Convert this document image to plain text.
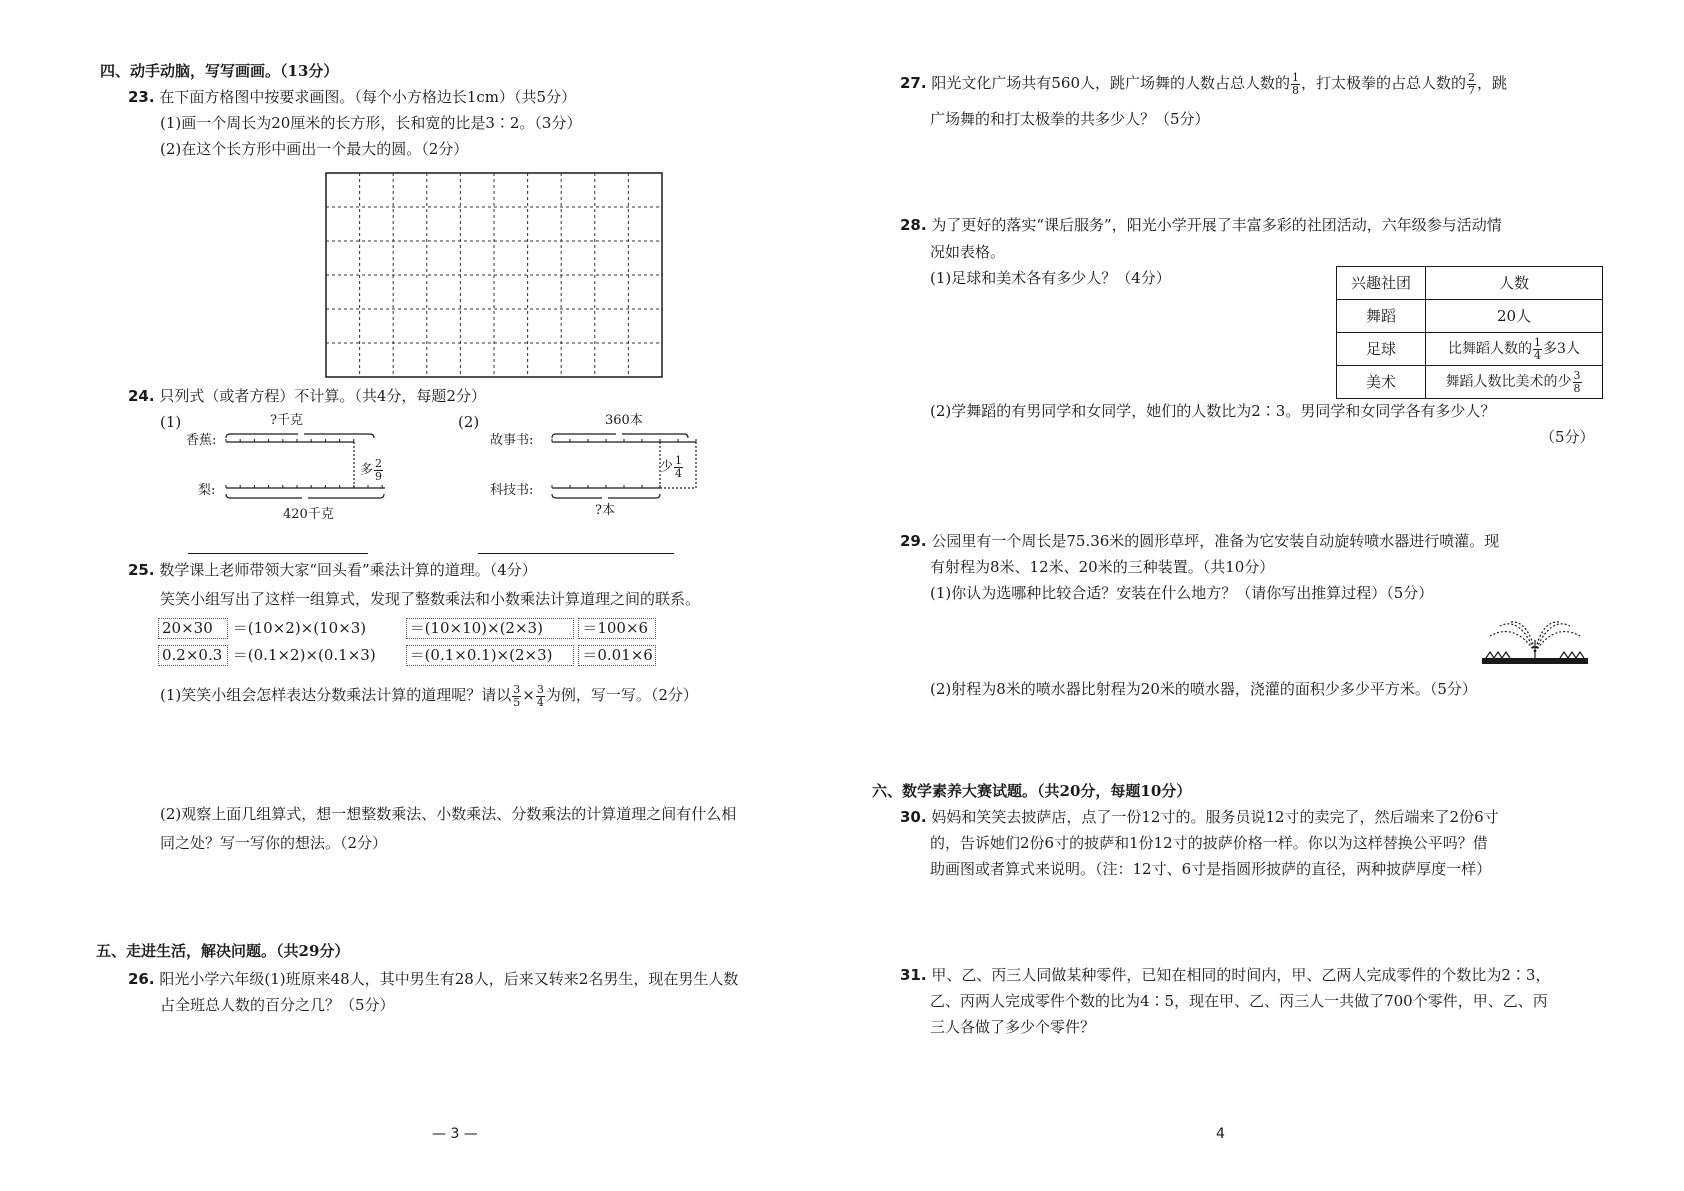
四、动手动脑，写写画画。（13分）
23. 在下面方格图中按要求画图。（每个小方格边长1cm）（共5分）
(1)画一个周长为20厘米的长方形，长和宽的比是3∶2。（3分）
(2)在这个长方形中画出一个最大的圆。（2分）
24. 只列式（或者方程）不计算。（共4分，每题2分）
(1)	?千克
香蕉:
梨:
多 $\frac{2}{9}$
420千克
(2)	360本
故事书:
科技书:
少 $\frac{1}{4}$
?本
25. 数学课上老师带领大家“回头看”乘法计算的道理。（4分）
笑笑小组写出了这样一组算式，发现了整数乘法和小数乘法计算道理之间的联系。
20×30 ＝(10×2)×(10×3)	＝(10×10)×(2×3)	＝100×6
0.2×0.3 ＝(0.1×2)×(0.1×3) ＝(0.1×0.1)×(2×3) ＝0.01×6
(1)笑笑小组会怎样表达分数乘法计算的道理呢？请以 $\frac{3}{5} \times \frac{3}{4}$ 为例，写一写。（2分）
(2)观察上面几组算式，想一想整数乘法、小数乘法、分数乘法的计算道理之间有什么相
同之处？写一写你的想法。（2分）
五、走进生活，解决问题。（共29分）
26. 阳光小学六年级(1)班原来48人，其中男生有28人，后来又转来2名男生，现在男生人数
占全班总人数的百分之几？（5分）
— 3 —
27. 阳光文化广场共有560人，跳广场舞的人数占总人数的 $\frac{1}{8}$ ，打太极拳的占总人数的 $\frac{2}{7}$ ，跳
广场舞的和打太极拳的共多少人？（5分）
28. 为了更好的落实“课后服务”，阳光小学开展了丰富多彩的社团活动，六年级参与活动情
况如表格。
(1)足球和美术各有多少人？（4分）	兴趣社团	人数
舞蹈	20人
足球	比舞蹈人数的 $\frac{1}{4}$ 多3人
美术	舞蹈人数比美术的少 $\frac{3}{8}$
(2)学舞蹈的有男同学和女同学，她们的人数比为2∶3。男同学和女同学各有多少人？
（5分）
29. 公园里有一个周长是75.36米的圆形草坪，准备为它安装自动旋转喷水器进行喷灌。现
有射程为8米、12米、20米的三种装置。（共10分）
(1)你认为选哪种比较合适？安装在什么地方？（请你写出推算过程）（5分）
(2)射程为8米的喷水器比射程为20米的喷水器，浇灌的面积少多少平方米。（5分）
六、数学素养大赛试题。（共20分，每题10分）
30. 妈妈和笑笑去披萨店，点了一份12寸的。服务员说12寸的卖完了，然后端来了2份6寸
的，告诉她们2份6寸的披萨和1份12寸的披萨价格一样。你以为这样替换公平吗？借
助画图或者算式来说明。（注：12寸、6寸是指圆形披萨的直径，两种披萨厚度一样）
31. 甲、乙、丙三人同做某种零件，已知在相同的时间内，甲、乙两人完成零件的个数比为2∶3，
乙、丙两人完成零件个数的比为4∶5，现在甲、乙、丙三人一共做了700个零件，甲、乙、丙
三人各做了多少个零件？
4
